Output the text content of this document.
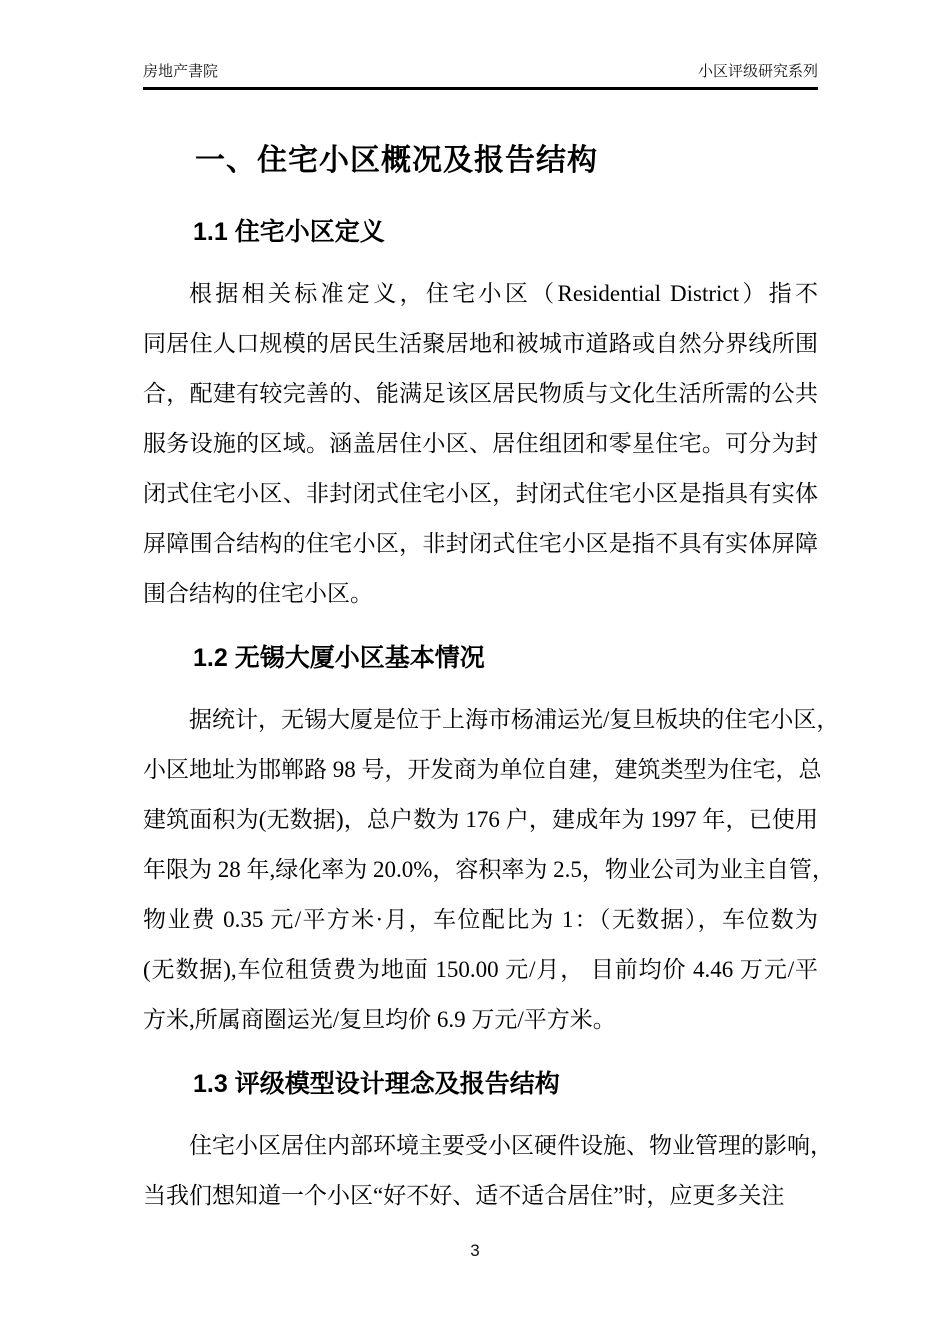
房地产書院	小区评级研究系列
一、住宅小区概况及报告结构
1.1 住宅小区定义
根据相关标准定义，住宅小区（Residential District）指不
同居住人口规模的居民生活聚居地和被城市道路或自然分界线所围
合，配建有较完善的、能满足该区居民物质与文化生活所需的公共
服务设施的区域。涵盖居住小区、居住组团和零星住宅。可分为封
闭式住宅小区、非封闭式住宅小区，封闭式住宅小区是指具有实体
屏障围合结构的住宅小区，非封闭式住宅小区是指不具有实体屏障
围合结构的住宅小区。
1.2 无锡大厦小区基本情况
据统计，无锡大厦是位于上海市杨浦运光/复旦板块的住宅小区，
小区地址为邯郸路 98 号，开发商为单位自建，建筑类型为住宅，总
建筑面积为(无数据)，总户数为 176 户，建成年为 1997 年，已使用
年限为 28 年,绿化率为 20.0%，容积率为 2.5，物业公司为业主自管，
物业费 0.35 元/平方米·月，车位配比为 1：（无数据），车位数为
(无数据),车位租赁费为地面 150.00 元/月， 目前均价 4.46 万元/平
方米,所属商圈运光/复旦均价 6.9 万元/平方米。
1.3 评级模型设计理念及报告结构
住宅小区居住内部环境主要受小区硬件设施、物业管理的影响，
当我们想知道一个小区“好不好、适不适合居住”时，应更多关注
3
